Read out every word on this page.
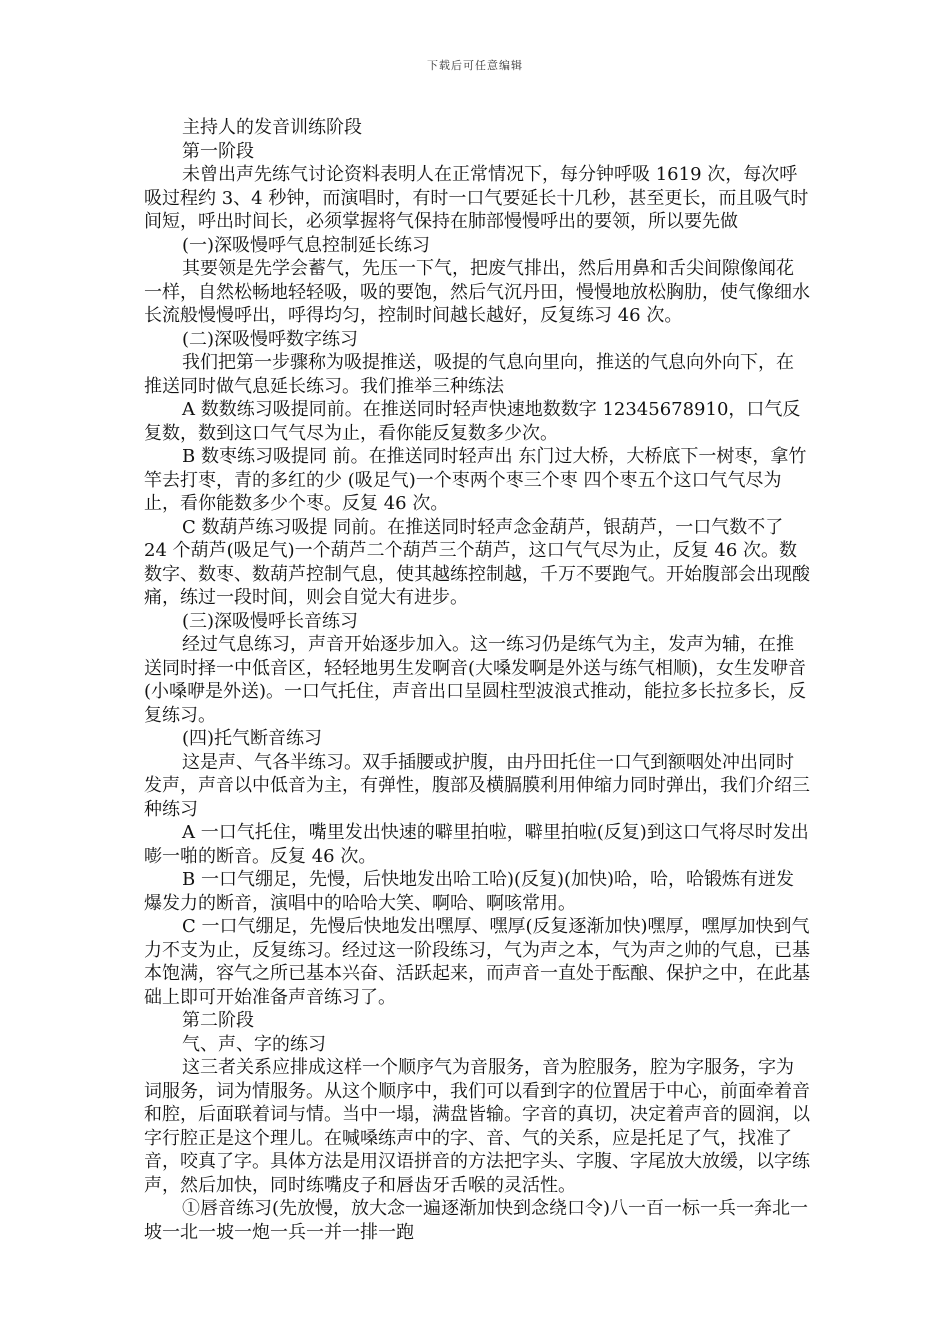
下载后可任意编辑

主持人的发音训练阶段

第一阶段

未曾出声先练气讨论资料表明人在正常情况下，每分钟呼吸 1619 次，每次呼吸过程约 3、4 秒钟，而演唱时，有时一口气要延长十几秒，甚至更长，而且吸气时间短，呼出时间长，必须掌握将气保持在肺部慢慢呼出的要领，所以要先做

(一)深吸慢呼气息控制延长练习

其要领是先学会蓄气，先压一下气，把废气排出，然后用鼻和舌尖间隙像闻花一样，自然松畅地轻轻吸，吸的要饱，然后气沉丹田，慢慢地放松胸肋，使气像细水长流般慢慢呼出，呼得均匀，控制时间越长越好，反复练习 46 次。

(二)深吸慢呼数字练习

我们把第一步骤称为吸提推送，吸提的气息向里向，推送的气息向外向下，在推送同时做气息延长练习。我们推举三种练法

A 数数练习吸提同前。在推送同时轻声快速地数数字 12345678910，口气反复数，数到这口气气尽为止，看你能反复数多少次。

B 数枣练习吸提同 前。在推送同时轻声出 东门过大桥，大桥底下一树枣，拿竹竿去打枣，青的多红的少 (吸足气)一个枣两个枣三个枣 四个枣五个这口气气尽为止，看你能数多少个枣。反复 46 次。

C 数葫芦练习吸提 同前。在推送同时轻声念金葫芦，银葫芦，一口气数不了 24 个葫芦(吸足气)一个葫芦二个葫芦三个葫芦，这口气气尽为止，反复 46 次。数数字、数枣、数葫芦控制气息，使其越练控制越，千万不要跑气。开始腹部会出现酸痛，练过一段时间，则会自觉大有进步。

(三)深吸慢呼长音练习

经过气息练习，声音开始逐步加入。这一练习仍是练气为主，发声为辅，在推送同时择一中低音区，轻轻地男生发啊音(大嗓发啊是外送与练气相顺)，女生发咿音(小嗓咿是外送)。一口气托住，声音出口呈圆柱型波浪式推动，能拉多长拉多长，反复练习。

(四)托气断音练习

这是声、气各半练习。双手插腰或护腹，由丹田托住一口气到额咽处冲出同时发声，声音以中低音为主，有弹性，腹部及横膈膜利用伸缩力同时弹出，我们介绍三种练习

A 一口气托住，嘴里发出快速的噼里拍啦，噼里拍啦(反复)到这口气将尽时发出嘭一啪的断音。反复 46 次。

B 一口气绷足，先慢，后快地发出哈工哈)(反复)(加快)哈，哈，哈锻炼有迸发爆发力的断音，演唱中的哈哈大笑、啊哈、啊咳常用。

C 一口气绷足，先慢后快地发出嘿厚、嘿厚(反复逐渐加快)嘿厚，嘿厚加快到气力不支为止，反复练习。经过这一阶段练习，气为声之本，气为声之帅的气息，已基本饱满，容气之所已基本兴奋、活跃起来，而声音一直处于酝酿、保护之中，在此基础上即可开始准备声音练习了。

第二阶段

气、声、字的练习

这三者关系应排成这样一个顺序气为音服务，音为腔服务，腔为字服务，字为词服务，词为情服务。从这个顺序中，我们可以看到字的位置居于中心，前面牵着音和腔，后面联着词与情。当中一塌，满盘皆输。字音的真切，决定着声音的圆润，以字行腔正是这个理儿。在喊嗓练声中的字、音、气的关系，应是托足了气，找准了音，咬真了字。具体方法是用汉语拼音的方法把字头、字腹、字尾放大放缓，以字练声，然后加快，同时练嘴皮子和唇齿牙舌喉的灵活性。

①唇音练习(先放慢，放大念一遍逐渐加快到念绕口令)八一百一标一兵一奔北一坡一北一坡一炮一兵一并一排一跑
